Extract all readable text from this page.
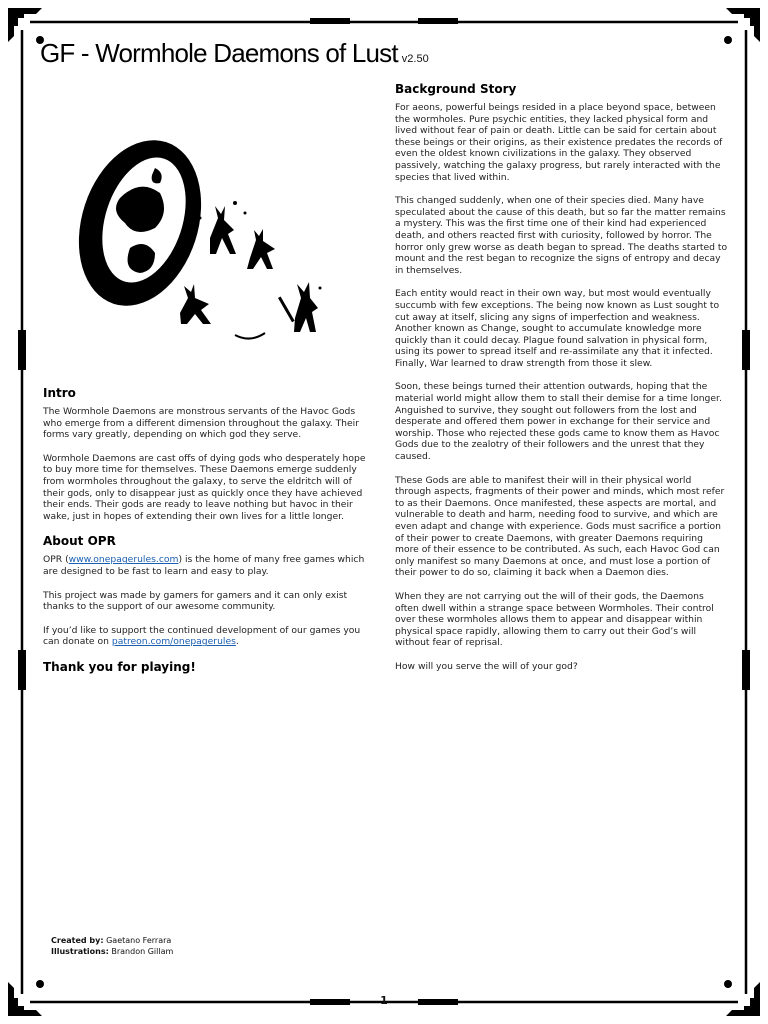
GF - Wormhole Daemons of Lust v2.50
Intro

The Wormhole Daemons are monstrous servants of the Havoc Gods who emerge from a different dimension throughout the galaxy. Their forms vary greatly, depending on which god they serve.

Wormhole Daemons are cast offs of dying gods who desperately hope to buy more time for themselves. These Daemons emerge suddenly from wormholes throughout the galaxy, to serve the eldritch will of their gods, only to disappear just as quickly once they have achieved their ends. Their gods are ready to leave nothing but havoc in their wake, just in hopes of extending their own lives for a little longer.

About OPR

OPR (www.onepagerules.com) is the home of many free games which are designed to be fast to learn and easy to play.

This project was made by gamers for gamers and it can only exist thanks to the support of our awesome community.

If you’d like to support the continued development of our games you can donate on patreon.com/onepagerules.

Thank you for playing!
Background Story

For aeons, powerful beings resided in a place beyond space, between the wormholes. Pure psychic entities, they lacked physical form and lived without fear of pain or death. Little can be said for certain about these beings or their origins, as their existence predates the records of even the oldest known civilizations in the galaxy. They observed passively, watching the galaxy progress, but rarely interacted with the species that lived within.

This changed suddenly, when one of their species died. Many have speculated about the cause of this death, but so far the matter remains a mystery. This was the first time one of their kind had experienced death, and others reacted first with curiosity, followed by horror. The horror only grew worse as death began to spread. The deaths started to mount and the rest began to recognize the signs of entropy and decay in themselves.

Each entity would react in their own way, but most would eventually succumb with few exceptions. The being now known as Lust sought to cut away at itself, slicing any signs of imperfection and weakness. Another known as Change, sought to accumulate knowledge more quickly than it could decay. Plague found salvation in physical form, using its power to spread itself and re-assimilate any that it infected. Finally, War learned to draw strength from those it slew.

Soon, these beings turned their attention outwards, hoping that the material world might allow them to stall their demise for a time longer. Anguished to survive, they sought out followers from the lost and desperate and offered them power in exchange for their service and worship. Those who rejected these gods came to know them as Havoc Gods due to the zealotry of their followers and the unrest that they caused.

These Gods are able to manifest their will in their physical world through aspects, fragments of their power and minds, which most refer to as their Daemons. Once manifested, these aspects are mortal, and vulnerable to death and harm, needing food to survive, and which are even adapt and change with experience. Gods must sacrifice a portion of their power to create Daemons, with greater Daemons requiring more of their essence to be contributed. As such, each Havoc God can only manifest so many Daemons at once, and must lose a portion of their power to do so, claiming it back when a Daemon dies.

When they are not carrying out the will of their gods, the Daemons often dwell within a strange space between Wormholes. Their control over these wormholes allows them to appear and disappear within physical space rapidly, allowing them to carry out their God’s will without fear of reprisal.

How will you serve the will of your god?

Created by: Gaetano Ferrara
Illustrations: Brandon Gillam
1
